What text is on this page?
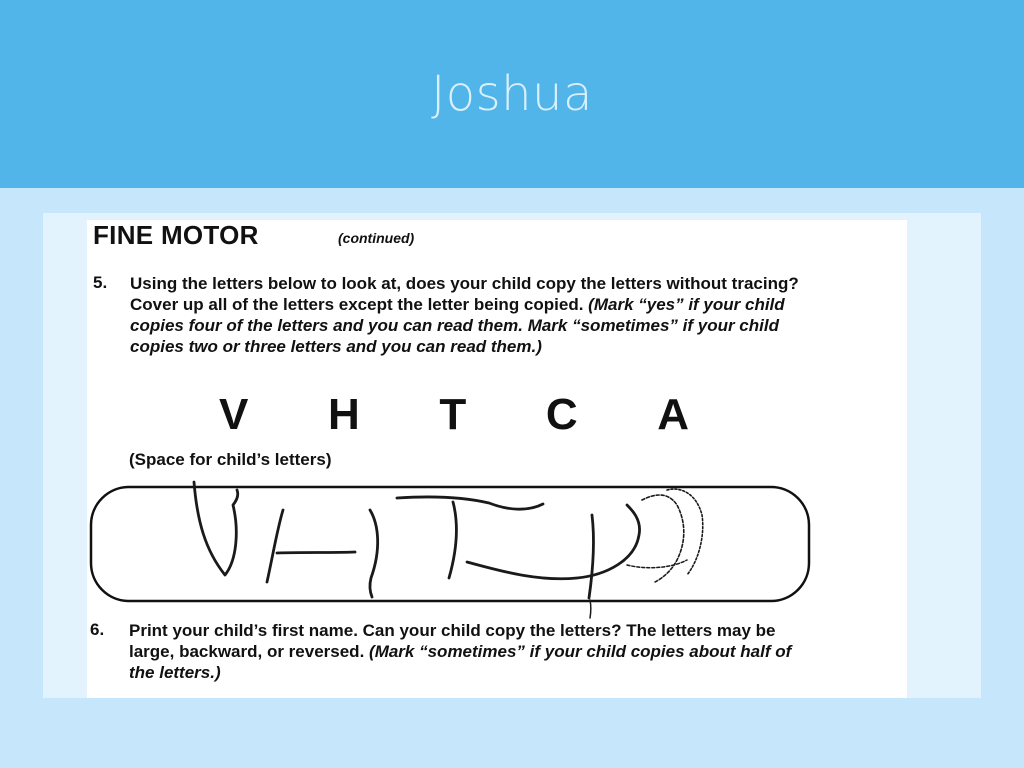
Joshua

FINE MOTOR	(continued)

5. Using the letters below to look at, does your child copy the letters without tracing? Cover up all of the letters except the letter being copied. (Mark “yes” if your child copies four of the letters and you can read them. Mark “sometimes” if your child copies two or three letters and you can read them.)

V H T C A

(Space for child’s letters)

6. Print your child’s first name. Can your child copy the letters? The letters may be large, backward, or reversed. (Mark “sometimes” if your child copies about half of the letters.)
